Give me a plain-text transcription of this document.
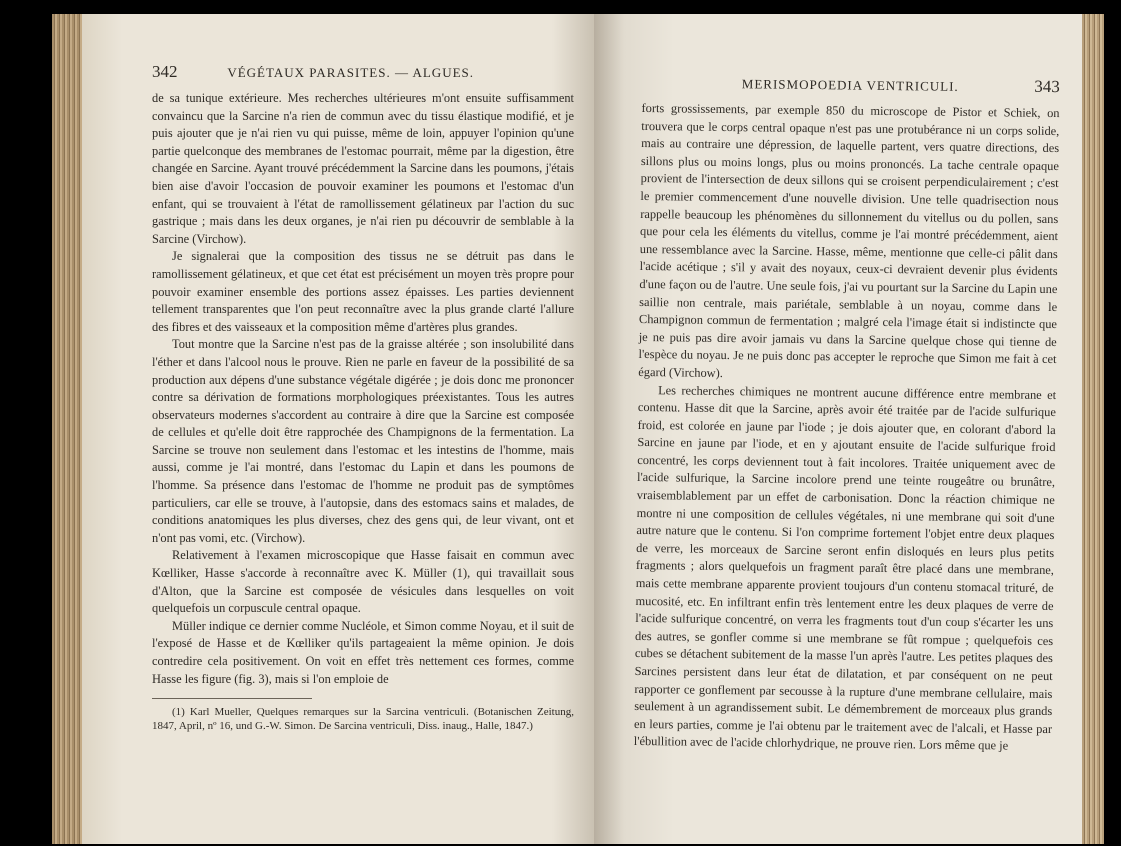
342	VÉGÉTAUX PARASITES. — ALGUES.

de sa tunique extérieure. Mes recherches ultérieures m'ont ensuite suffisamment convaincu que la Sarcine n'a rien de commun avec du tissu élastique modifié, et je puis ajouter que je n'ai rien vu qui puisse, même de loin, appuyer l'opinion qu'une partie quelconque des membranes de l'estomac pourrait, même par la digestion, être changée en Sarcine. Ayant trouvé précédemment la Sarcine dans les poumons, j'étais bien aise d'avoir l'occasion de pouvoir examiner les poumons et l'estomac d'un enfant, qui se trouvaient à l'état de ramollissement gélatineux par l'action du suc gastrique ; mais dans les deux organes, je n'ai rien pu découvrir de semblable à la Sarcine (Virchow).

Je signalerai que la composition des tissus ne se détruit pas dans le ramollissement gélatineux, et que cet état est précisément un moyen très propre pour pouvoir examiner ensemble des portions assez épaisses. Les parties deviennent tellement transparentes que l'on peut reconnaître avec la plus grande clarté l'allure des fibres et des vaisseaux et la composition même d'artères plus grandes.

Tout montre que la Sarcine n'est pas de la graisse altérée ; son insolubilité dans l'éther et dans l'alcool nous le prouve. Rien ne parle en faveur de la possibilité de sa production aux dépens d'une substance végétale digérée ; je dois donc me prononcer contre sa dérivation de formations morphologiques préexistantes. Tous les autres observateurs modernes s'accordent au contraire à dire que la Sarcine est composée de cellules et qu'elle doit être rapprochée des Champignons de la fermentation. La Sarcine se trouve non seulement dans l'estomac et les intestins de l'homme, mais aussi, comme je l'ai montré, dans l'estomac du Lapin et dans les poumons de l'homme. Sa présence dans l'estomac de l'homme ne produit pas de symptômes particuliers, car elle se trouve, à l'autopsie, dans des estomacs sains et malades, de conditions anatomiques les plus diverses, chez des gens qui, de leur vivant, ont et n'ont pas vomi, etc. (Virchow).

Relativement à l'examen microscopique que Hasse faisait en commun avec Kœlliker, Hasse s'accorde à reconnaître avec K. Müller (1), qui travaillait sous d'Alton, que la Sarcine est composée de vésicules dans lesquelles on voit quelquefois un corpuscule central opaque.

Müller indique ce dernier comme Nucléole, et Simon comme Noyau, et il suit de l'exposé de Hasse et de Kœlliker qu'ils partageaient la même opinion. Je dois contredire cela positivement. On voit en effet très nettement ces formes, comme Hasse les figure (fig. 3), mais si l'on emploie de

(1) Karl Mueller, Quelques remarques sur la Sarcina ventriculi. (Botanischen Zeitung, 1847, April, nº 16, und G.-W. Simon. De Sarcina ventriculi, Diss. inaug., Halle, 1847.)
MERISMOPOEDIA VENTRICULI.	343

forts grossissements, par exemple 850 du microscope de Pistor et Schiek, on trouvera que le corps central opaque n'est pas une protubérance ni un corps solide, mais au contraire une dépression, de laquelle partent, vers quatre directions, des sillons plus ou moins longs, plus ou moins prononcés. La tache centrale opaque provient de l'intersection de deux sillons qui se croisent perpendiculairement ; c'est le premier commencement d'une nouvelle division. Une telle quadrisection nous rappelle beaucoup les phénomènes du sillonnement du vitellus ou du pollen, sans que pour cela les éléments du vitellus, comme je l'ai montré précédemment, aient une ressemblance avec la Sarcine. Hasse, même, mentionne que celle-ci pâlit dans l'acide acétique ; s'il y avait des noyaux, ceux-ci devraient devenir plus évidents d'une façon ou de l'autre. Une seule fois, j'ai vu pourtant sur la Sarcine du Lapin une saillie non centrale, mais pariétale, semblable à un noyau, comme dans le Champignon commun de fermentation ; malgré cela l'image était si indistincte que je ne puis pas dire avoir jamais vu dans la Sarcine quelque chose qui tienne de l'espèce du noyau. Je ne puis donc pas accepter le reproche que Simon me fait à cet égard (Virchow).

Les recherches chimiques ne montrent aucune différence entre membrane et contenu. Hasse dit que la Sarcine, après avoir été traitée par de l'acide sulfurique froid, est colorée en jaune par l'iode ; je dois ajouter que, en colorant d'abord la Sarcine en jaune par l'iode, et en y ajoutant ensuite de l'acide sulfurique froid concentré, les corps deviennent tout à fait incolores. Traitée uniquement avec de l'acide sulfurique, la Sarcine incolore prend une teinte rougeâtre ou brunâtre, vraisemblablement par un effet de carbonisation. Donc la réaction chimique ne montre ni une composition de cellules végétales, ni une membrane qui soit d'une autre nature que le contenu. Si l'on comprime fortement l'objet entre deux plaques de verre, les morceaux de Sarcine seront enfin disloqués en leurs plus petits fragments ; alors quelquefois un fragment paraît être placé dans une membrane, mais cette membrane apparente provient toujours d'un contenu stomacal trituré, de mucosité, etc. En infiltrant enfin très lentement entre les deux plaques de verre de l'acide sulfurique concentré, on verra les fragments tout d'un coup s'écarter les uns des autres, se gonfler comme si une membrane se fût rompue ; quelquefois ces cubes se détachent subitement de la masse l'un après l'autre. Les petites plaques des Sarcines persistent dans leur état de dilatation, et par conséquent on ne peut rapporter ce gonflement par secousse à la rupture d'une membrane cellulaire, mais seulement à un agrandissement subit. Le démembrement de morceaux plus grands en leurs parties, comme je l'ai obtenu par le traitement avec de l'alcali, et Hasse par l'ébullition avec de l'acide chlorhydrique, ne prouve rien. Lors même que je
